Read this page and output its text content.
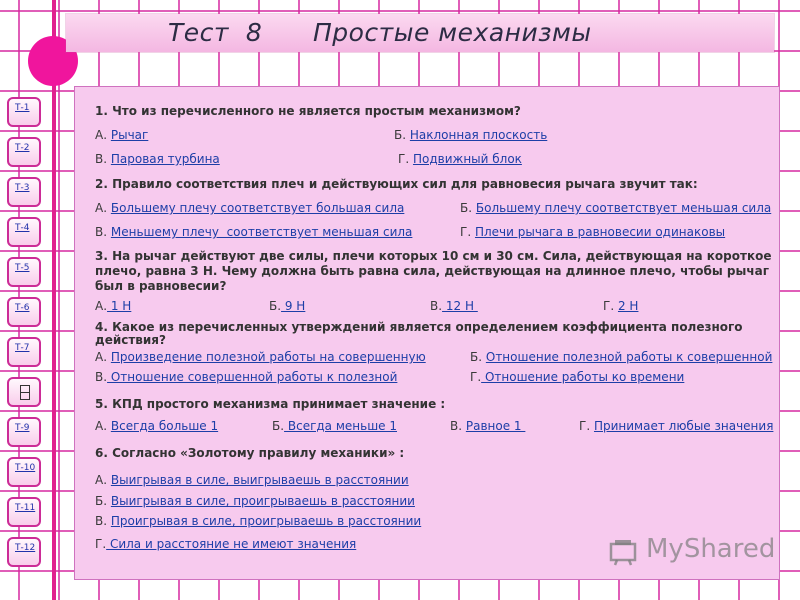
Тест  8      Простые механизмы
Т-1
Т-2
Т-3
Т-4
Т-5
Т-6
Т-7
Т-9
Т-10
Т-11
Т-12
1. Что из перечисленного не является простым механизмом?
А. Рычаг	Б. Наклонная плоскость
В. Паровая турбина	Г. Подвижный блок
2. Правило соответствия плеч и действующих сил для равновесия рычага звучит так:
А. Большему плечу соответствует большая сила	Б. Большему плечу соответствует меньшая сила
В. Меньшему плечу  соответствует меньшая сила	Г. Плечи рычага в равновесии одинаковы
3. На рычаг действуют две силы, плечи которых 10 см и 30 см. Сила, действующая на короткое
плечо, равна 3 Н. Чему должна быть равна сила, действующая на длинное плечо, чтобы рычаг
был в равновесии?
А. 1 Н	Б. 9 Н	В. 12 Н	Г. 2 Н
4. Какое из перечисленных утверждений является определением коэффициента полезного
действия?
А. Произведение полезной работы на совершенную	Б. Отношение полезной работы к совершенной
В. Отношение совершенной работы к полезной	Г. Отношение работы ко времени
5. КПД простого механизма принимает значение :
А. Всегда больше 1	Б. Всегда меньше 1	В. Равное 1	Г. Принимает любые значения
6. Согласно «Золотому правилу механики» :
А. Выигрывая в силе, выигрываешь в расстоянии
Б. Выигрывая в силе, проигрываешь в расстоянии
В. Проигрывая в силе, проигрываешь в расстоянии
Г. Сила и расстояние не имеют значения	MyShared
